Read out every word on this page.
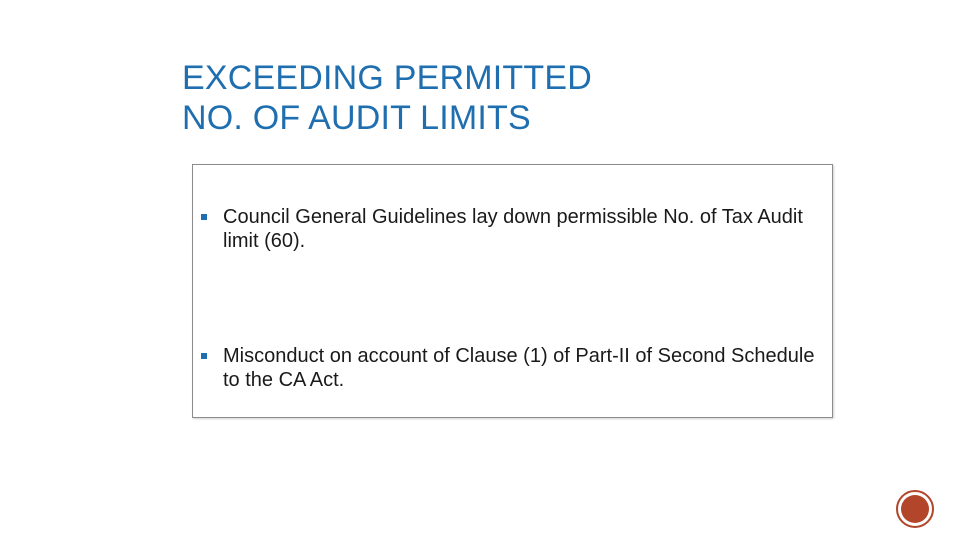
EXCEEDING PERMITTED
NO. OF AUDIT LIMITS
Council General Guidelines lay down permissible No. of Tax Audit limit (60).
Misconduct on account of Clause (1) of Part-II of Second Schedule to the CA Act.
